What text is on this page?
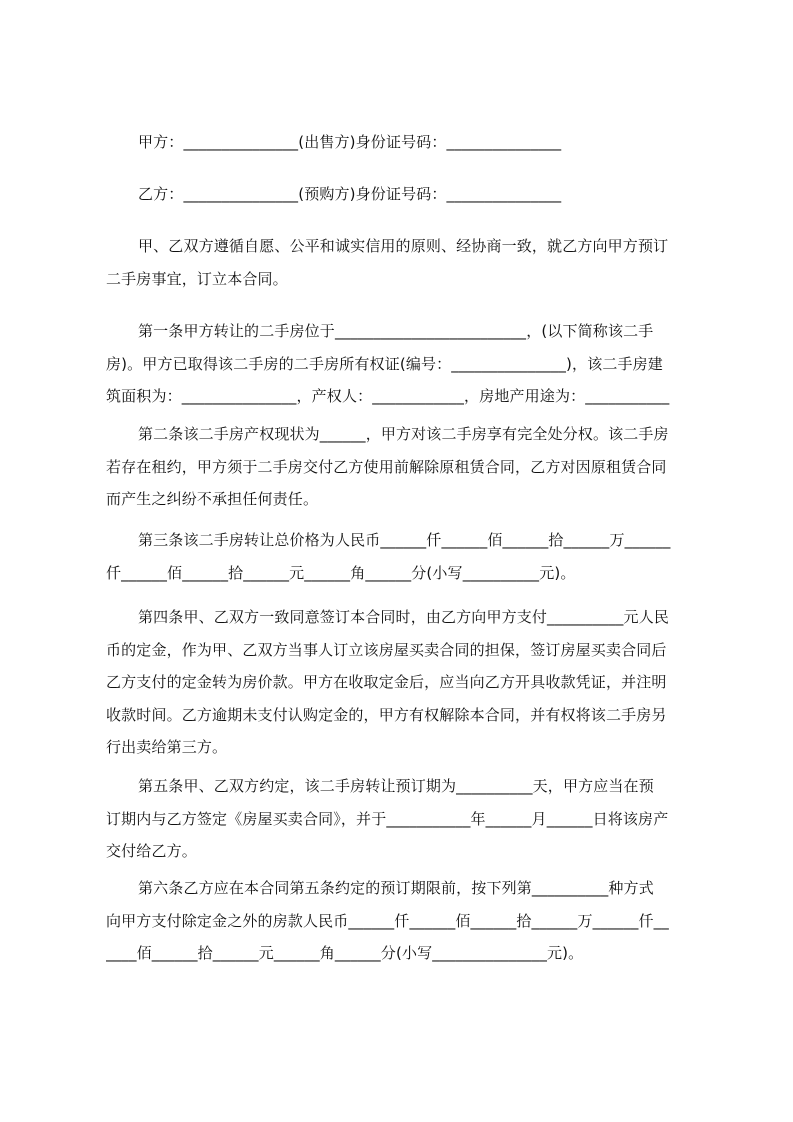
甲方：_______________(出售方)身份证号码：_______________

乙方：_______________(预购方)身份证号码：_______________

甲、乙双方遵循自愿、公平和诚实信用的原则、经协商一致，就乙方向甲方预订
二手房事宜，订立本合同。

第一条甲方转让的二手房位于_________________________，(以下简称该二手
房)。甲方已取得该二手房的二手房所有权证(编号：_______________)，该二手房建
筑面积为：_______________，产权人：____________，房地产用途为：___________

第二条该二手房产权现状为______，甲方对该二手房享有完全处分权。该二手房
若存在租约，甲方须于二手房交付乙方使用前解除原租赁合同，乙方对因原租赁合同
而产生之纠纷不承担任何责任。

第三条该二手房转让总价格为人民币______仟______佰______拾______万______
仟______佰______拾______元______角______分(小写__________元)。

第四条甲、乙双方一致同意签订本合同时，由乙方向甲方支付__________元人民
币的定金，作为甲、乙双方当事人订立该房屋买卖合同的担保，签订房屋买卖合同后
乙方支付的定金转为房价款。甲方在收取定金后，应当向乙方开具收款凭证，并注明
收款时间。乙方逾期未支付认购定金的，甲方有权解除本合同，并有权将该二手房另
行出卖给第三方。

第五条甲、乙双方约定，该二手房转让预订期为__________天，甲方应当在预
订期内与乙方签定《房屋买卖合同》，并于___________年______月______日将该房产
交付给乙方。

第六条乙方应在本合同第五条约定的预订期限前，按下列第__________种方式
向甲方支付除定金之外的房款人民币______仟______佰______拾______万______仟__
____佰______拾______元______角______分(小写_______________元)。
